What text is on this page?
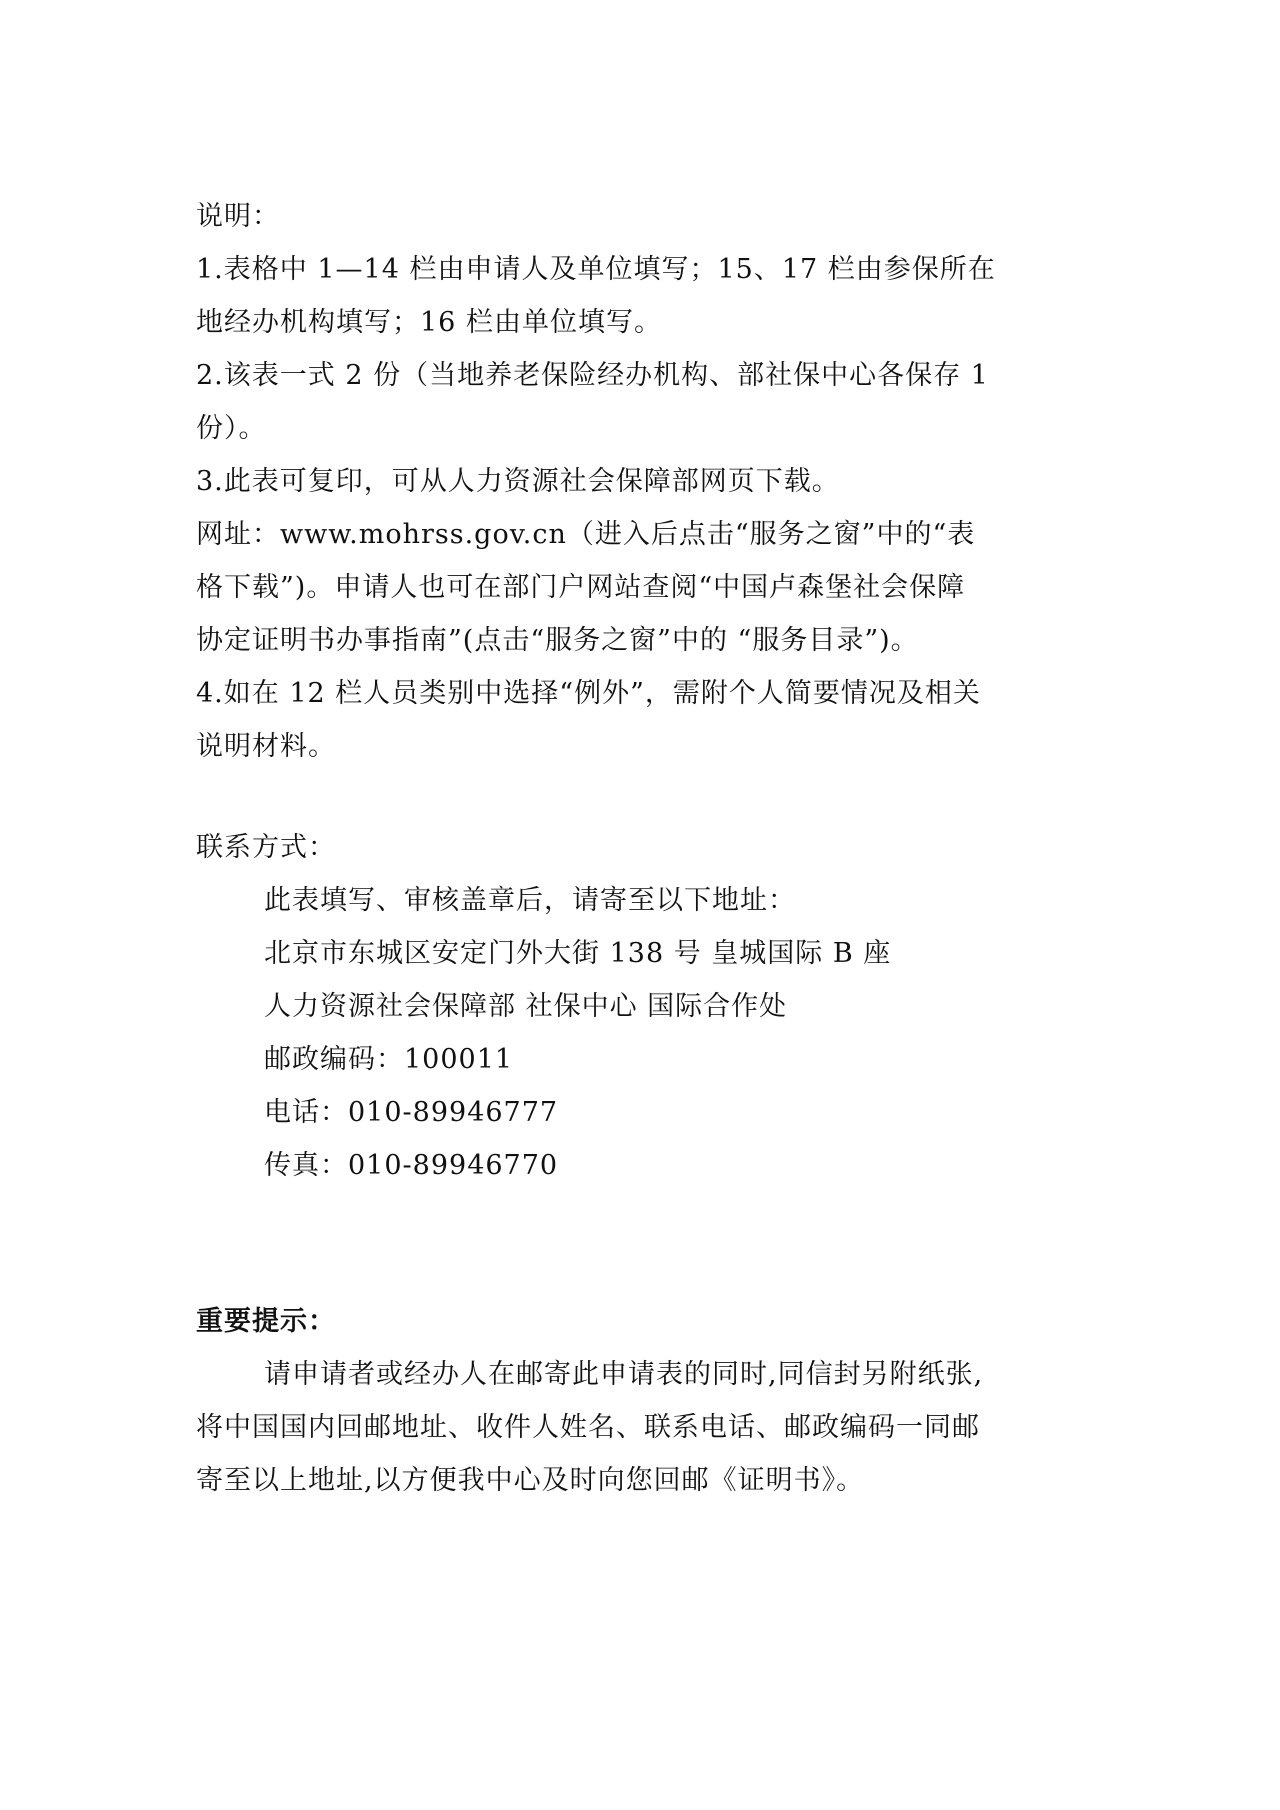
说明：
1.表格中 1—14 栏由申请人及单位填写；15、17 栏由参保所在
地经办机构填写；16 栏由单位填写。
2.该表一式 2 份（当地养老保险经办机构、部社保中心各保存 1
份）。
3.此表可复印，可从人力资源社会保障部网页下载。
网址：www.mohrss.gov.cn（进入后点击“服务之窗”中的“表
格下载”)。申请人也可在部门户网站查阅“中国卢森堡社会保障
协定证明书办事指南”(点击“服务之窗”中的 “服务目录”)。
4.如在 12 栏人员类别中选择“例外”，需附个人简要情况及相关
说明材料。
联系方式：
此表填写、审核盖章后，请寄至以下地址：
北京市东城区安定门外大街 138 号 皇城国际 B 座
人力资源社会保障部 社保中心 国际合作处
邮政编码：100011
电话：010-89946777
传真：010-89946770
重要提示：
请申请者或经办人在邮寄此申请表的同时,同信封另附纸张,
将中国国内回邮地址、收件人姓名、联系电话、邮政编码一同邮
寄至以上地址,以方便我中心及时向您回邮《证明书》。
